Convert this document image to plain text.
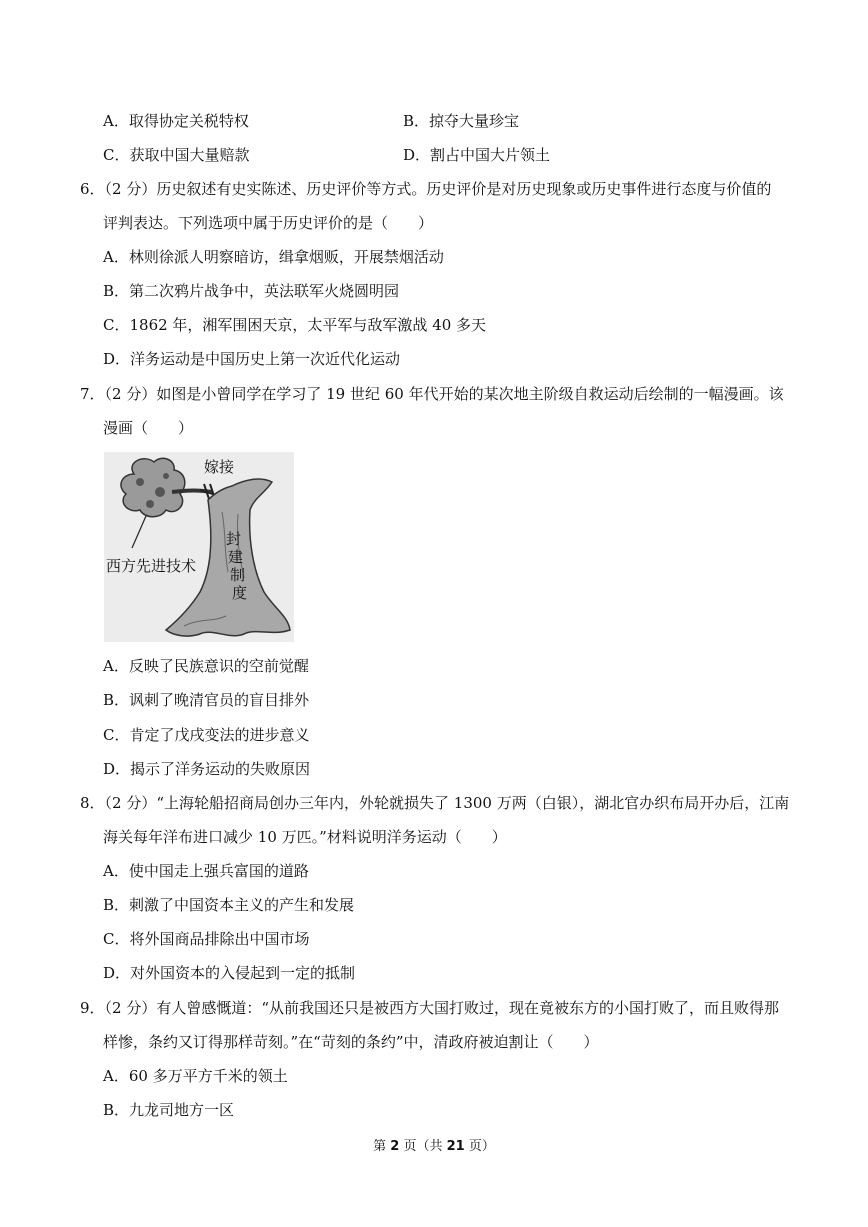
A．取得协定关税特权	B．掠夺大量珍宝
C．获取中国大量赔款	D．割占中国大片领土
6．（2 分）历史叙述有史实陈述、历史评价等方式。历史评价是对历史现象或历史事件进行态度与价值的
评判表达。下列选项中属于历史评价的是（　　）
A．林则徐派人明察暗访，缉拿烟贩，开展禁烟活动
B．第二次鸦片战争中，英法联军火烧圆明园
C．1862 年，湘军围困天京，太平军与敌军激战 40 多天
D．洋务运动是中国历史上第一次近代化运动
7．（2 分）如图是小曾同学在学习了 19 世纪 60 年代开始的某次地主阶级自救运动后绘制的一幅漫画。该
漫画（　　）
嫁接
西方先进技术
封
建
制
度
A．反映了民族意识的空前觉醒
B．讽刺了晚清官员的盲目排外
C．肯定了戊戌变法的进步意义
D．揭示了洋务运动的失败原因
8．（2 分）“上海轮船招商局创办三年内，外轮就损失了 1300 万两（白银），湖北官办织布局开办后，江南
海关每年洋布进口减少 10 万匹。”材料说明洋务运动（　　）
A．使中国走上强兵富国的道路
B．刺激了中国资本主义的产生和发展
C．将外国商品排除出中国市场
D．对外国资本的入侵起到一定的抵制
9．（2 分）有人曾感慨道：“从前我国还只是被西方大国打败过，现在竟被东方的小国打败了，而且败得那
样惨，条约又订得那样苛刻。”在“苛刻的条约”中，清政府被迫割让（　　）
A．60 多万平方千米的领土
B．九龙司地方一区
第 2 页（共 21 页）
